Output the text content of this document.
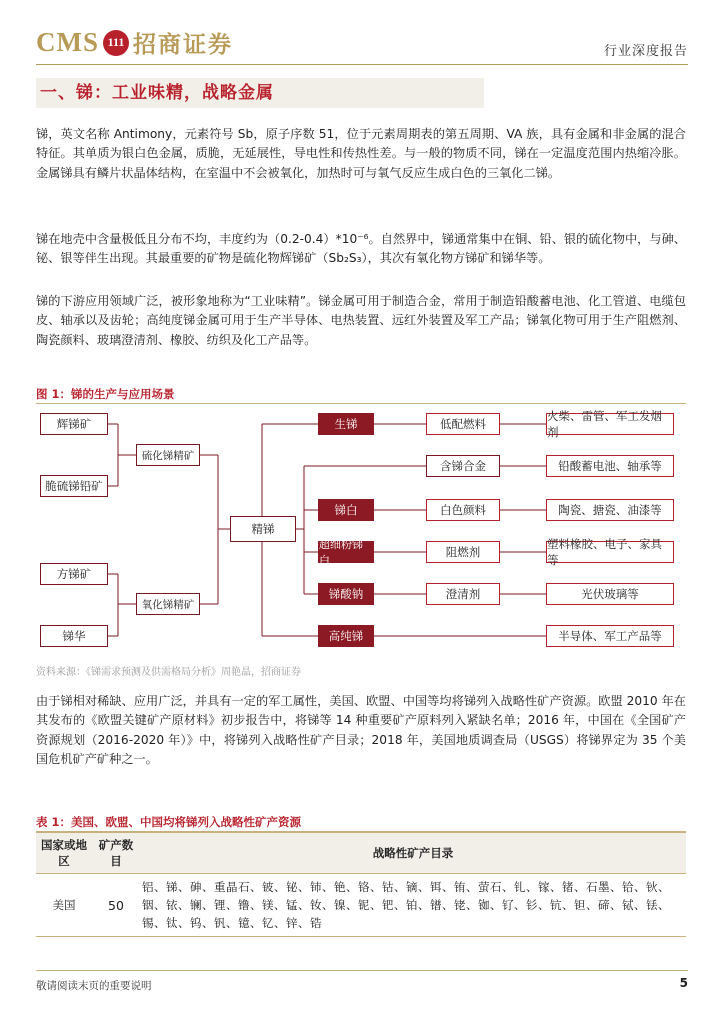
CMS 111 招商证券	行业深度报告
一、锑：工业味精，战略金属

锑，英文名称 Antimony，元素符号 Sb，原子序数 51，位于元素周期表的第五周期、VA 族，具有金属和非金属的混合特征。其单质为银白色金属，质脆，无延展性，导电性和传热性差。与一般的物质不同，锑在一定温度范围内热缩冷胀。金属锑具有鳞片状晶体结构，在室温中不会被氧化，加热时可与氧气反应生成白色的三氧化二锑。

锑在地壳中含量极低且分布不均，丰度约为（0.2-0.4）*10⁻⁶。自然界中，锑通常集中在铜、铅、银的硫化物中，与砷、铋、银等伴生出现。其最重要的矿物是硫化物辉锑矿（Sb₂S₃），其次有氧化物方锑矿和锑华等。

锑的下游应用领域广泛，被形象地称为“工业味精”。锑金属可用于制造合金，常用于制造铅酸蓄电池、化工管道、电缆包皮、轴承以及齿轮；高纯度锑金属可用于生产半导体、电热装置、远红外装置及军工产品；锑氧化物可用于生产阻燃剂、陶瓷颜料、玻璃澄清剂、橡胶、纺织及化工产品等。

图 1：锑的生产与应用场景
辉锑矿
脆硫锑铅矿
方锑矿
锑华
硫化锑精矿
氧化锑精矿
精锑
生锑
含锑合金
锑白
超细粉锑白
锑酸钠
高纯锑
低配燃料
白色颜料
阻燃剂
澄清剂
火柴、雷管、军工发烟剂
铅酸蓄电池、轴承等
陶瓷、搪瓷、油漆等
塑料橡胶、电子、家具等
光伏玻璃等
半导体、军工产品等
资料来源：《锑需求预测及供需格局分析》周艳晶，招商证券

由于锑相对稀缺、应用广泛，并具有一定的军工属性，美国、欧盟、中国等均将锑列入战略性矿产资源。欧盟 2010 年在其发布的《欧盟关键矿产原材料》初步报告中，将锑等 14 种重要矿产原料列入紧缺名单；2016 年，中国在《全国矿产资源规划（2016-2020 年）》中，将锑列入战略性矿产目录；2018 年，美国地质调查局（USGS）将锑界定为 35 个美国危机矿产矿种之一。

表 1：美国、欧盟、中国均将锑列入战略性矿产资源
国家或地区	矿产数目	战略性矿产目录
美国	50	铝、锑、砷、重晶石、铍、铋、铈、铯、铬、钴、镝、铒、铕、萤石、钆、镓、锗、石墨、铪、钬、铟、铱、镧、锂、镥、镁、锰、钕、镍、铌、钯、铂、镨、铑、铷、钌、钐、钪、钽、碲、铽、铥、锡、钛、钨、钒、镱、钇、锌、锆
敬请阅读末页的重要说明	5
